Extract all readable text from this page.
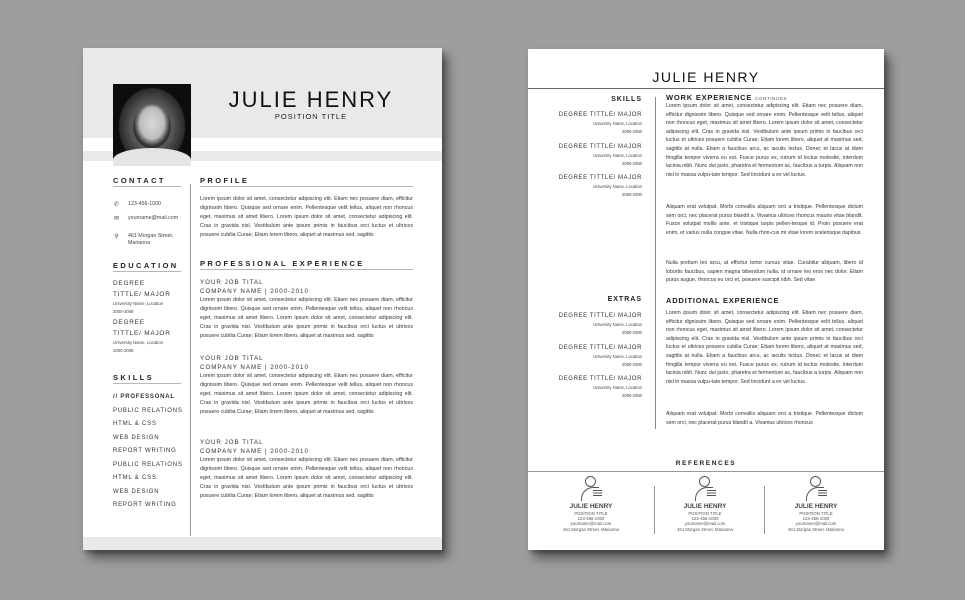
JULIE HENRY
POSITION TITLE
CONTACT
✆ 123-456-1000
✉ yourname@mail.com
⚲ 461 Morgan Street.
Marianna
EDUCATION
DEGREE
TITTLE/ MAJOR
University Name, Location
2000-2008
DEGREE
TITTLE/ MAJOR
University Name, Location
2000-2008
SKILLS
// PROFESSONAL
PUBLIC RELATIONS
HTML & CSS
WEB DESIGN
REPORT WRITING
PUBLIC RELATIONS
HTML & CSS
WEB DESIGN
REPORT WRITING
PROFILE
Lorem ipsum dolor sit amet, consectetur adipiscing elit. Etiam nec posuere diam, efficitur dignissim libero. Quisque sed ornare enim. Pellentesque velit tellus, aliquet non rhoncus eget, maximus sit amet libero. Lorem ipsum dolor sit amet, consectetur adipiscing elit. Cras in gravida nisl. Vestibulum ante ipsum primis in faucibus orci luctus et ultrices posuere cubilia Curae; Etiam lorem libero, aliquet at maximus sed, sagittis
PROFESSIONAL EXPERIENCE
YOUR JOB TITAL
COMPANY NAME | 2000-2010
Lorem ipsum dolor sit amet, consectetur adipiscing elit. Etiam nec posuere diam, efficitur dignissim libero. Quisque sed ornare enim. Pellentesque velit tellus, aliquet non rhoncus eget, maximus sit amet libero. Lorem ipsum dolor sit amet, consectetur adipiscing elit. Cras in gravida nisl. Vestibulum ante ipsum primis in faucibus orci luctus et ultrices posuere cubilia Curae; Etiam lorem libero, aliquet at maximus sed, sagittis
YOUR JOB TITAL
COMPANY NAME | 2000-2010
Lorem ipsum dolor sit amet, consectetur adipiscing elit. Etiam nec posuere diam, efficitur dignissim libero. Quisque sed ornare enim. Pellentesque velit tellus, aliquet non rhoncus eget, maximus sit amet libero. Lorem ipsum dolor sit amet, consectetur adipiscing elit. Cras in gravida nisl. Vestibulum ante ipsum primis in faucibus orci luctus et ultrices posuere cubilia Curae; Etiam lorem libero, aliquet at maximus sed, sagittis
YOUR JOB TITAL
COMPANY NAME | 2000-2010
Lorem ipsum dolor sit amet, consectetur adipiscing elit. Etiam nec posuere diam, efficitur dignissim libero. Quisque sed ornare enim. Pellentesque velit tellus, aliquet non rhoncus eget, maximus sit amet libero. Lorem ipsum dolor sit amet, consectetur adipiscing elit. Cras in gravida nisl. Vestibulum ante ipsum primis in faucibus orci luctus et ultrices posuere cubilia Curae; Etiam lorem libero, aliquet at maximus sed, sagittis
JULIE HENRY
SKILLS
DEGREE TITTLE/ MAJOR
University Name, Location
2080-2080
DEGREE TITTLE/ MAJOR
University Name, Location
2080-2080
DEGREE TITTLE/ MAJOR
University Name, Location
2080-2080
EXTRAS
DEGREE TITTLE/ MAJOR
University Name, Location
2080-2080
DEGREE TITTLE/ MAJOR
University Name, Location
2080-2080
DEGREE TITTLE/ MAJOR
University Name, Location
2080-2080
WORK EXPERIENCE CONTINUES
Lorem ipsum dolor sit amet, consectetur adipiscing elit. Etiam nec posuere diam, efficitur dignissim libero. Quisque sed ornare enim. Pellentesque velit tellus, aliquet non rhoncus eget, maximus sit amet libero. Lorem ipsum dolor sit amet, consectetur adipiscing elit. Cras in gravida nisl. Vestibulum ante ipsum primis in faucibus orci luctus et ultrices posuere cubilia Curae; Etiam lorem libero, aliquet at maximus sed, sagittis at nulla. Etiam a faucibus arcu, ac iaculis lectus. Donec et lacus at diam fringilla tempor viverra eu est. Fusce purus ex, rutrum id lectus molestie, interdum lacinia nibh. Nunc dui justo, pharetra et fermentum ac, faucibus a turpis. Aliquam non nisl in massa vulpu-tate tempor. Sed tincidunt a ex vel luctus.
Aliquam erat volutpat. Morbi convallis aliquam orci a tristique. Pellentesque dictum sem orci, nec placerat purus blandit a. Vivamus ultrices rhoncus mauris vitae blandit. Fusce volutpat mollis ante, et tristique turpis pellen-tesque id. Proin posuere erat enim, et varius nulla congue vitae. Nulla rhon-cus mi vitae lorem scelerisque dapibus.
Nulla pretium leo arcu, at efficitur tortor cursus vitae. Curabitur aliquam, libero id lobortis faucibus, sapien magna bibendum nulla, id ornare leo eros nec dolor. Etiam purus augue, rhoncus eu orci et, posuere suscipit nibh. Sed vitae
ADDITIONAL EXPERIENCE
Lorem ipsum dolor sit amet, consectetur adipiscing elit. Etiam nec posuere diam, efficitur dignissim libero. Quisque sed ornare enim. Pellentesque velit tellus, aliquet non rhoncus eget, maximus sit amet libero. Lorem ipsum dolor sit amet, consectetur adipiscing elit. Cras in gravida nisl. Vestibulum ante ipsum primis in faucibus orci luctus et ultrices posuere cubilia Curae; Etiam lorem libero, aliquet at maximus sed, sagittis at nulla. Etiam a faucibus arcu, ac iaculis lectus. Donec et lacus at diam fringilla tempor viverra eu est. Fusce purus ex, rutrum id lectus molestie, interdum lacinia nibh. Nunc dui justo, pharetra et fermentum ac, faucibus a turpis. Aliquam non nisl in massa vulpu-tate tempor. Sed tincidunt a ex vel luctus.
Aliquam erat volutpat. Morbi convallis aliquam orci a tristique. Pellentesque dictum sem orci, nec placerat purus blandit a. Vivamus ultrices rhoncus
REFERENCES
JULIE HENRY
POSITION TITLE
123-456-1000
yourname@mail.com
461 Morgan Street. Marianna
JULIE HENRY
POSITION TITLE
123-456-1000
yourname@mail.com
461 Morgan Street. Marianna
JULIE HENRY
POSITION TITLE
123-456-1000
yourname@mail.com
461 Morgan Street. Marianna
